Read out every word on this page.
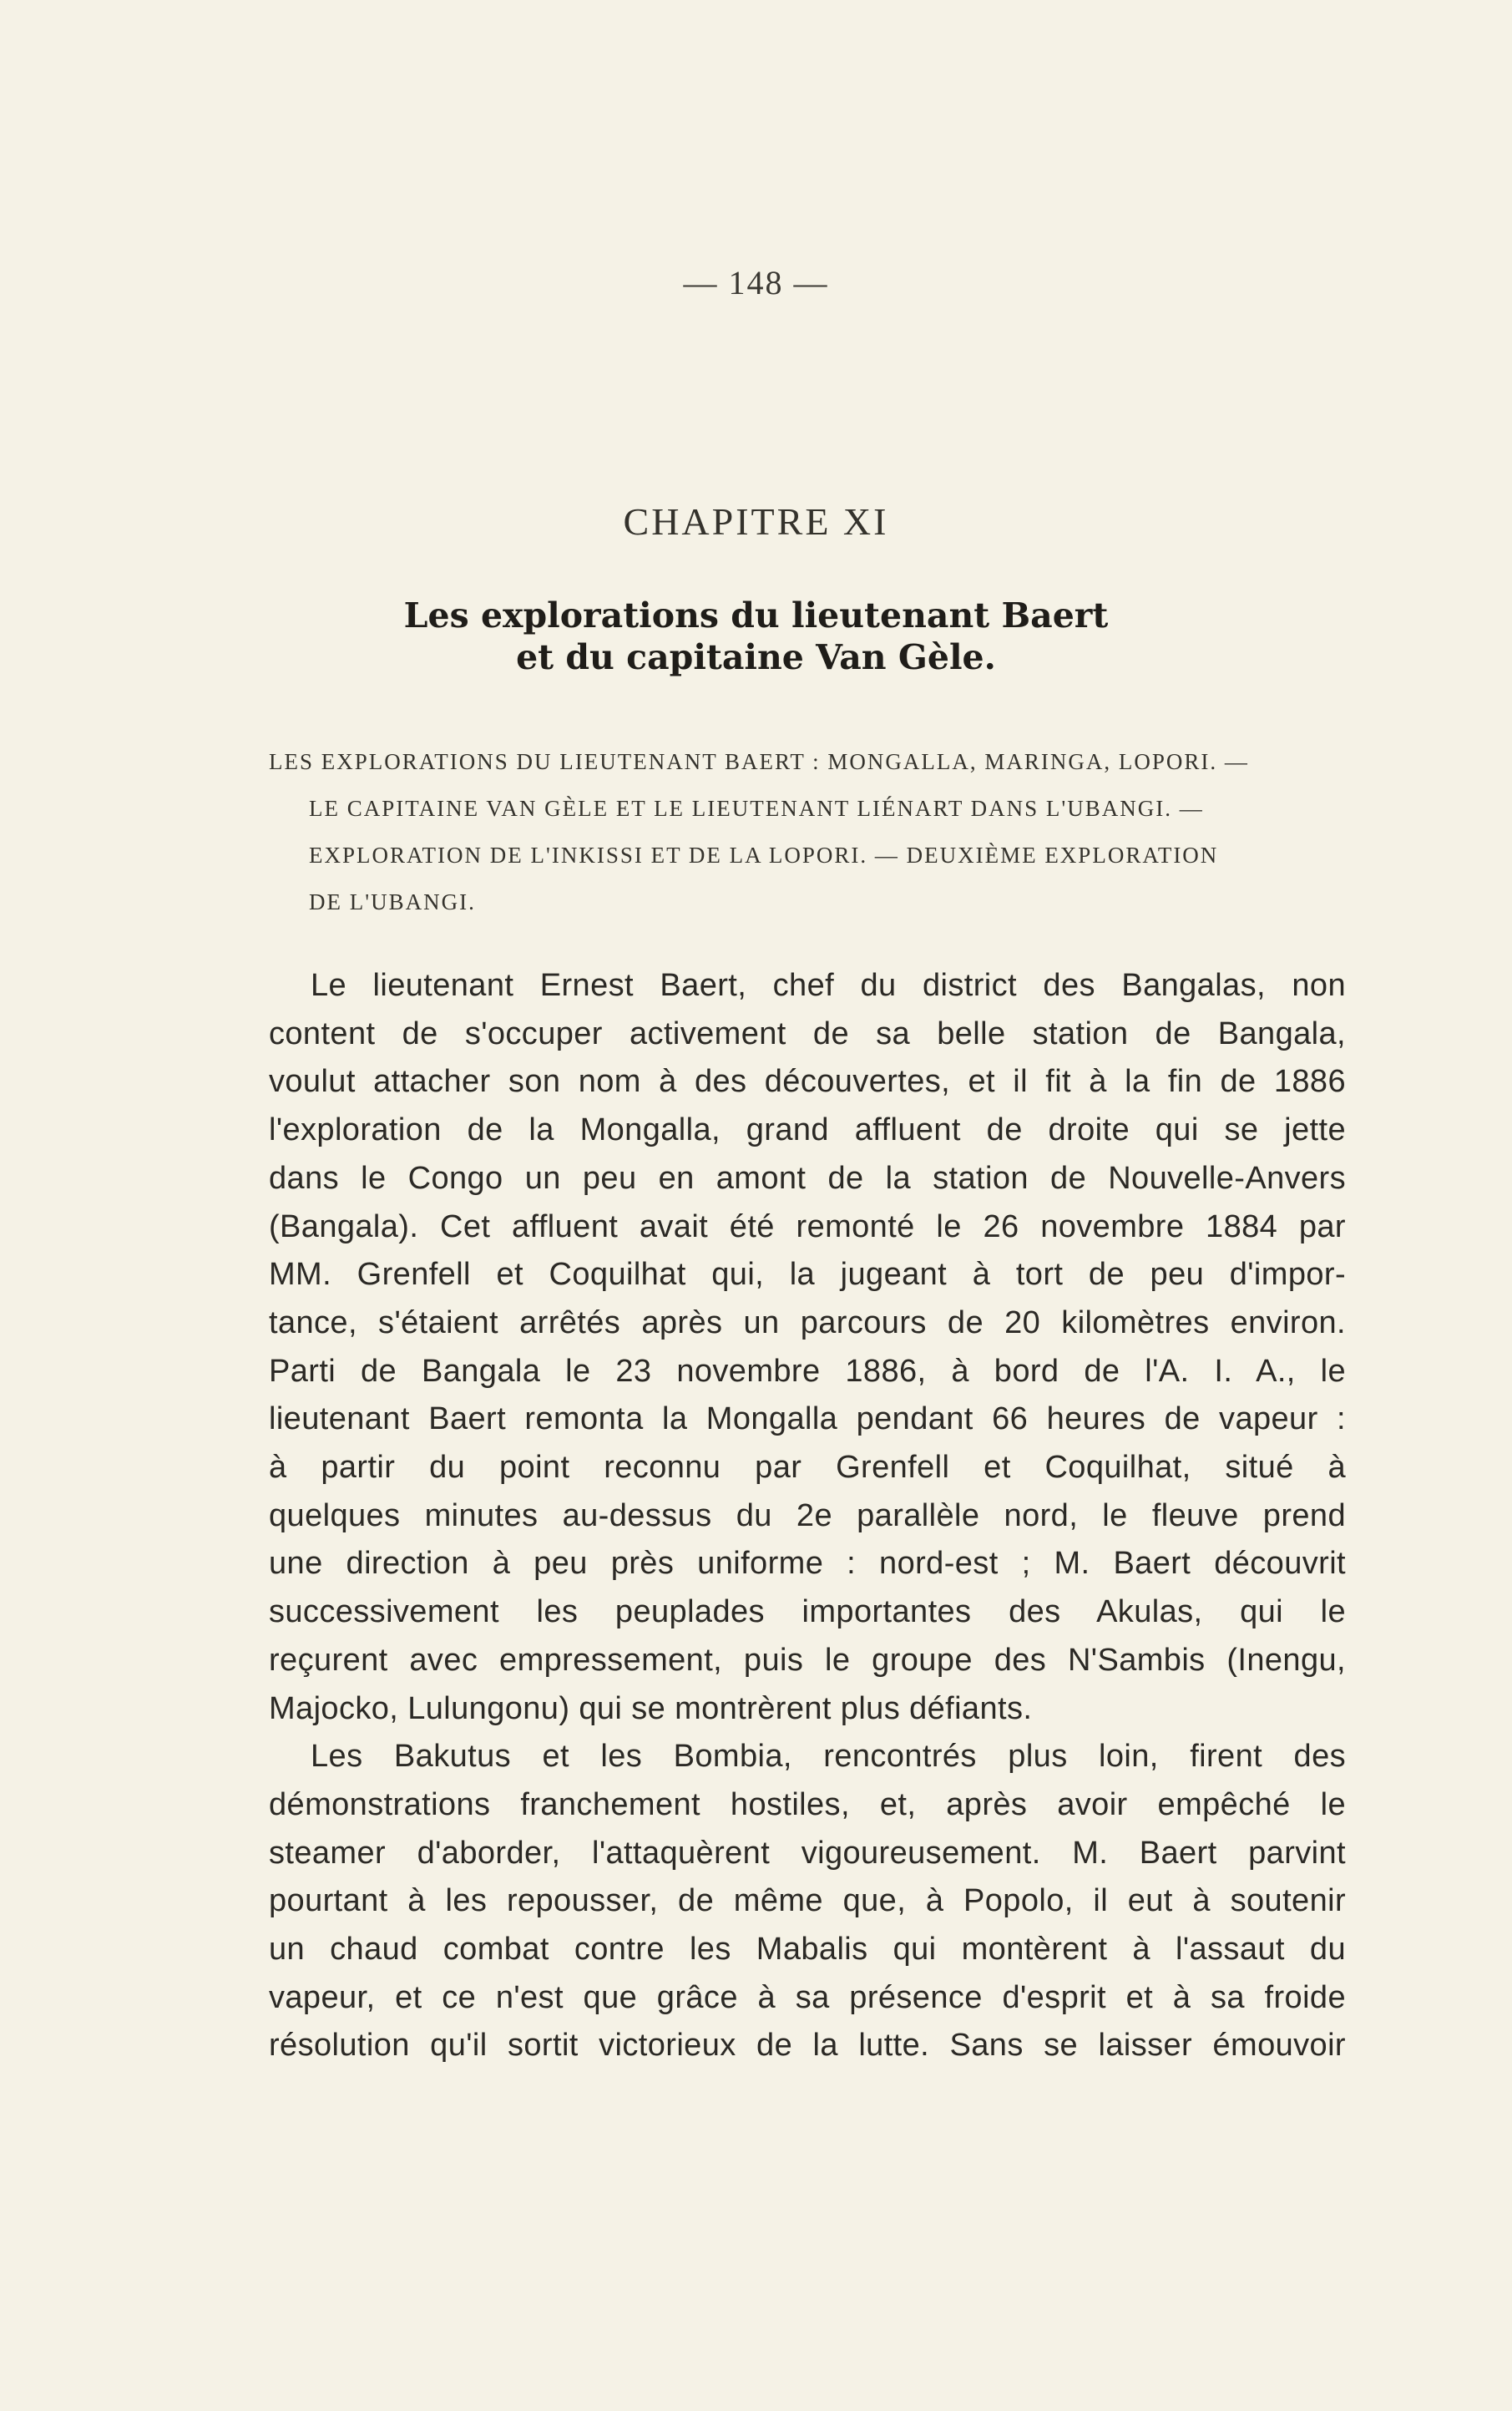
— 148 —
CHAPITRE XI
Les explorations du lieutenant Baert
et du capitaine Van Gèle.
LES EXPLORATIONS DU LIEUTENANT BAERT : MONGALLA, MARINGA, LOPORI. —
LE CAPITAINE VAN GÈLE ET LE LIEUTENANT LIÉNART DANS L'UBANGI. —
EXPLORATION DE L'INKISSI ET DE LA LOPORI. — DEUXIÈME EXPLORATION
DE L'UBANGI.
Le lieutenant Ernest Baert, chef du district des Bangalas, non
content de s'occuper activement de sa belle station de Bangala,
voulut attacher son nom à des découvertes, et il fit à la fin de 1886
l'exploration de la Mongalla, grand affluent de droite qui se jette
dans le Congo un peu en amont de la station de Nouvelle-Anvers
(Bangala). Cet affluent avait été remonté le 26 novembre 1884 par
MM. Grenfell et Coquilhat qui, la jugeant à tort de peu d'impor-
tance, s'étaient arrêtés après un parcours de 20 kilomètres environ.
Parti de Bangala le 23 novembre 1886, à bord de l'A. I. A., le
lieutenant Baert remonta la Mongalla pendant 66 heures de vapeur :
à partir du point reconnu par Grenfell et Coquilhat, situé à
quelques minutes au-dessus du 2e parallèle nord, le fleuve prend
une direction à peu près uniforme : nord-est ; M. Baert découvrit
successivement les peuplades importantes des Akulas, qui le
reçurent avec empressement, puis le groupe des N'Sambis (Inengu,
Majocko, Lulungonu) qui se montrèrent plus défiants.
Les Bakutus et les Bombia, rencontrés plus loin, firent des
démonstrations franchement hostiles, et, après avoir empêché le
steamer d'aborder, l'attaquèrent vigoureusement. M. Baert parvint
pourtant à les repousser, de même que, à Popolo, il eut à soutenir
un chaud combat contre les Mabalis qui montèrent à l'assaut du
vapeur, et ce n'est que grâce à sa présence d'esprit et à sa froide
résolution qu'il sortit victorieux de la lutte. Sans se laisser émouvoir
